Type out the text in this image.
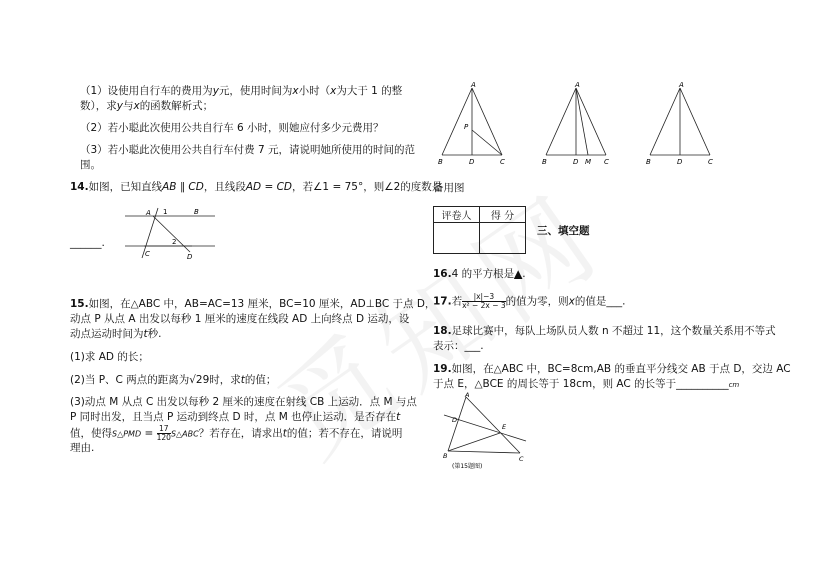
（1）设使用自行车的费用为y元，使用时间为x小时（x为大于 1 的整
数），求y与x的函数解析式；
（2）若小聪此次使用公共自行车 6 小时，则她应付多少元费用？
（3）若小聪此次使用公共自行车付费 7 元，请说明她所使用的时间的范
围。
14.如图，已知直线AB ∥ CD，且线段AD = CD，若∠1 = 75°，则∠2的度数是
______.
A 1	B
2
C	D
15.如图，在△ABC 中，AB=AC=13 厘米，BC=10 厘米，AD⊥BC 于点 D，
动点 P 从点 A 出发以每秒 1 厘米的速度在线段 AD 上向终点 D 运动，设
动点运动时间为t秒.
(1)求 AD 的长；
(2)当 P、C 两点的距离为√29时，求t的值；
(3)动点 M 从点 C 出发以每秒 2 厘米的速度在射线 CB 上运动．点 M 与点
P 同时出发，且当点 P 运动到终点 D 时，点 M 也停止运动．是否存在t
值，使得S△PMD = $\frac{17}{120}$ S△ABC？若存在，请求出t的值；若不存在，请说明
理由.
A
P
B	D	C
A
B	D M C
A
B	D	C
备用图
评卷人	得 分

三、填空题
16.4 的平方根是▲.
17.若 $\frac{|x|-3}{\text{x² − 2x − 3}}$ 的值为零，则x的值是___.
18.足球比赛中，每队上场队员人数 n 不超过 11，这个数量关系用不等式
表示：___.
19.如图，在△ABC 中，BC=8cm,AB 的垂直平分线交 AB 于点 D，交边 AC
于点 E，△BCE 的周长等于 18cm，则 AC 的长等于__________cm
A
D
E
B	C
(第15题图)
